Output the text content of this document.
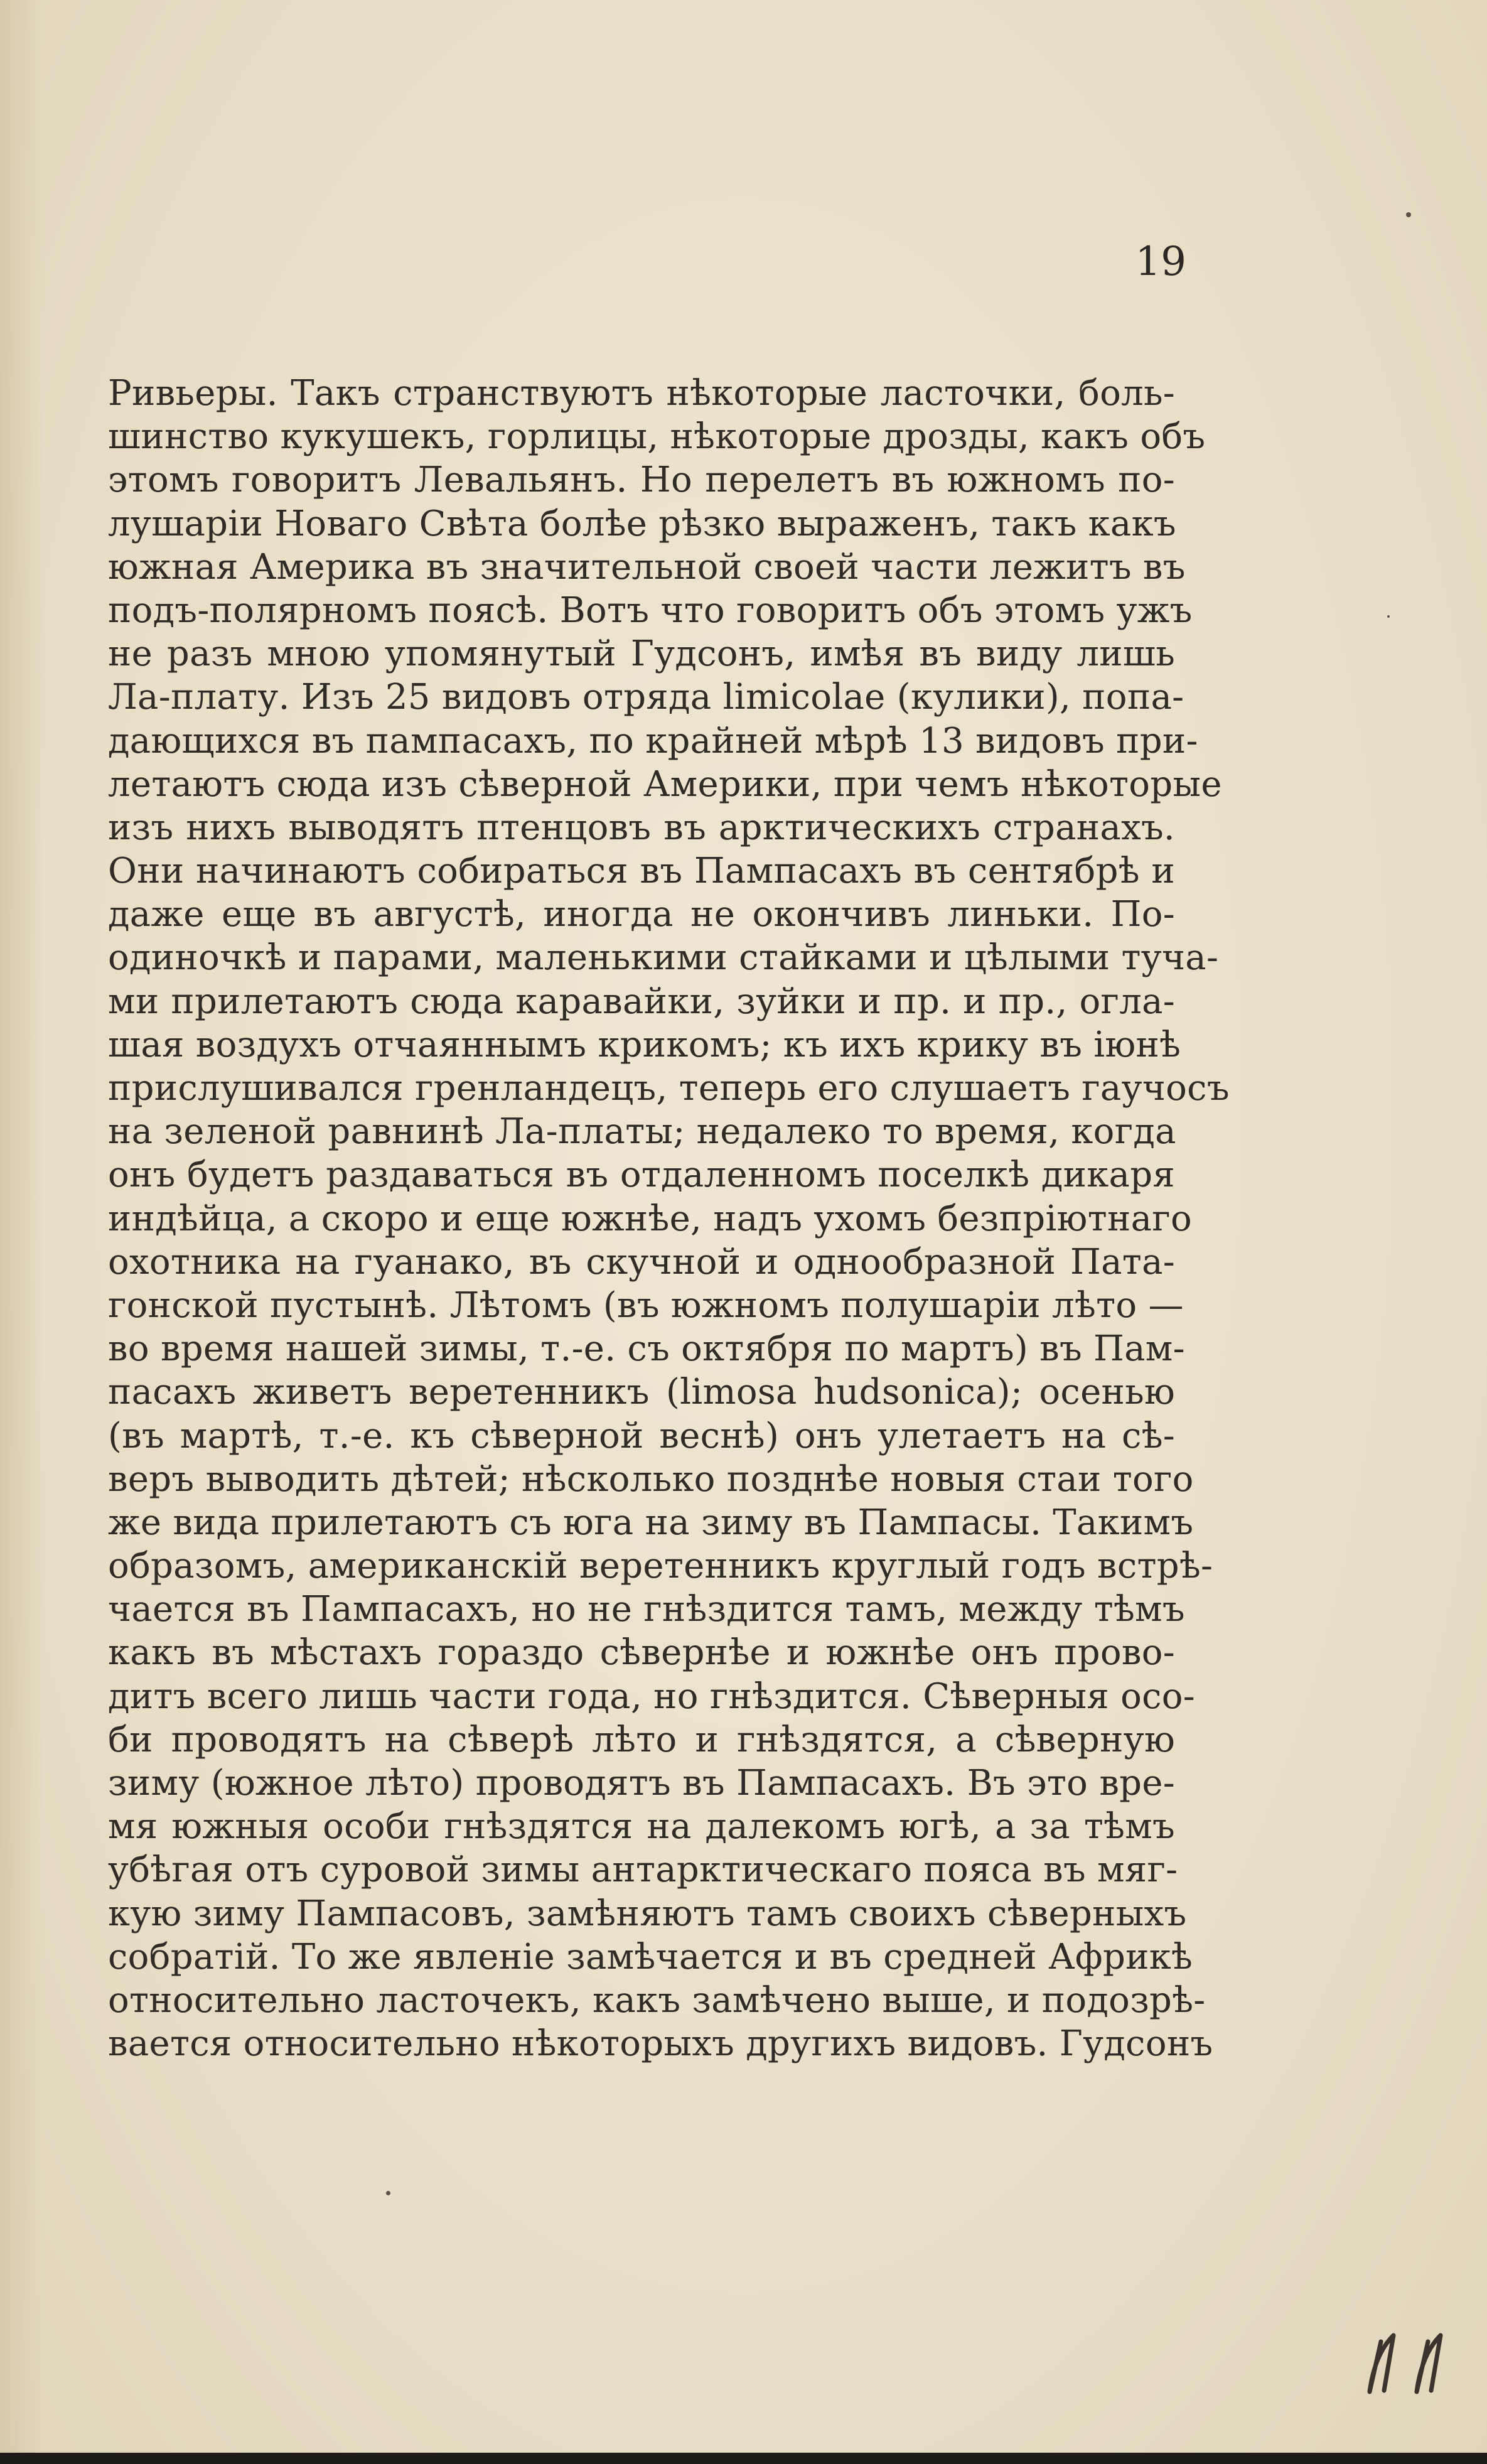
19
Ривьеры. Такъ странствуютъ нѣкоторые ласточки, боль-
шинство кукушекъ, горлицы, нѣкоторые дрозды, какъ объ
этомъ говоритъ Левальянъ. Но перелетъ въ южномъ по-
лушаріи Новаго Свѣта болѣе рѣзко выраженъ, такъ какъ
южная Америка въ значительной своей части лежитъ въ
подъ-полярномъ поясѣ. Вотъ что говоритъ объ этомъ ужъ
не разъ мною упомянутый Гудсонъ, имѣя въ виду лишь
Ла-плату. Изъ 25 видовъ отряда limicolae (кулики), попа-
дающихся въ пампасахъ, по крайней мѣрѣ 13 видовъ при-
летаютъ сюда изъ сѣверной Америки, при чемъ нѣкоторые
изъ нихъ выводятъ птенцовъ въ арктическихъ странахъ.
Они начинаютъ собираться въ Пампасахъ въ сентябрѣ и
даже еще въ августѣ, иногда не окончивъ линьки. По-
одиночкѣ и парами, маленькими стайками и цѣлыми туча-
ми прилетаютъ сюда каравайки, зуйки и пр. и пр., огла-
шая воздухъ отчаяннымъ крикомъ; къ ихъ крику въ іюнѣ
прислушивался гренландецъ, теперь его слушаетъ гаучосъ
на зеленой равнинѣ Ла-платы; недалеко то время, когда
онъ будетъ раздаваться въ отдаленномъ поселкѣ дикаря
индѣйца, а скоро и еще южнѣе, надъ ухомъ безпріютнаго
охотника на гуанако, въ скучной и однообразной Пата-
гонской пустынѣ. Лѣтомъ (въ южномъ полушаріи лѣто —
во время нашей зимы, т.-е. съ октября по мартъ) въ Пам-
пасахъ живетъ веретенникъ (limosa hudsonica); осенью
(въ мартѣ, т.-е. къ сѣверной веснѣ) онъ улетаетъ на сѣ-
веръ выводить дѣтей; нѣсколько позднѣе новыя стаи того
же вида прилетаютъ съ юга на зиму въ Пампасы. Такимъ
образомъ, американскій веретенникъ круглый годъ встрѣ-
чается въ Пампасахъ, но не гнѣздится тамъ, между тѣмъ
какъ въ мѣстахъ гораздо сѣвернѣе и южнѣе онъ прово-
дитъ всего лишь части года, но гнѣздится. Сѣверныя осо-
би проводятъ на сѣверѣ лѣто и гнѣздятся, а сѣверную
зиму (южное лѣто) проводятъ въ Пампасахъ. Въ это вре-
мя южныя особи гнѣздятся на далекомъ югѣ, а за тѣмъ
убѣгая отъ суровой зимы антарктическаго пояса въ мяг-
кую зиму Пампасовъ, замѣняютъ тамъ своихъ сѣверныхъ
собратій. То же явленіе замѣчается и въ средней Африкѣ
относительно ласточекъ, какъ замѣчено выше, и подозрѣ-
вается относительно нѣкоторыхъ другихъ видовъ. Гудсонъ
